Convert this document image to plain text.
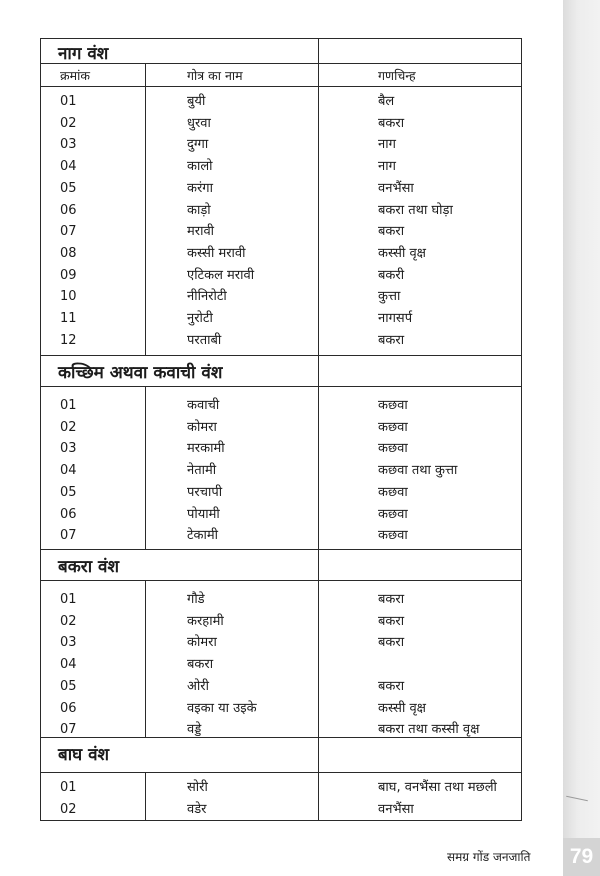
क्रमांक	गोत्र का नाम	गणचिन्ह
नाग वंश
01	बुयी	बैल
02	धुरवा	बकरा
03	दुग्गा	नाग
04	कालो	नाग
05	करंगा	वनभैंसा
06	काड़ो	बकरा तथा घोड़ा
07	मरावी	बकरा
08	कस्सी मरावी	कस्सी वृक्ष
09	एटिकल मरावी	बकरी
10	नीनिरोटी	कुत्ता
11	नुरोटी	नागसर्प
12	परताबी	बकरा
कच्छिम अथवा कवाची वंश
01	कवाची	कछवा
02	कोमरा	कछवा
03	मरकामी	कछवा
04	नेतामी	कछवा तथा कुत्ता
05	परचापी	कछवा
06	पोयामी	कछवा
07	टेकामी	कछवा
बकरा वंश
01	गौडे	बकरा
02	करहामी	बकरा
03	कोमरा	बकरा
04	बकरा
05	ओरी	बकरा
06	वइका या उइके	कस्सी वृक्ष
07	वड्डे	बकरा तथा कस्सी वृक्ष
बाघ वंश
01	सोरी	बाघ, वनभैंसा तथा मछली
02	वडेर	वनभैंसा
समग्र गोंड जनजाति	79
